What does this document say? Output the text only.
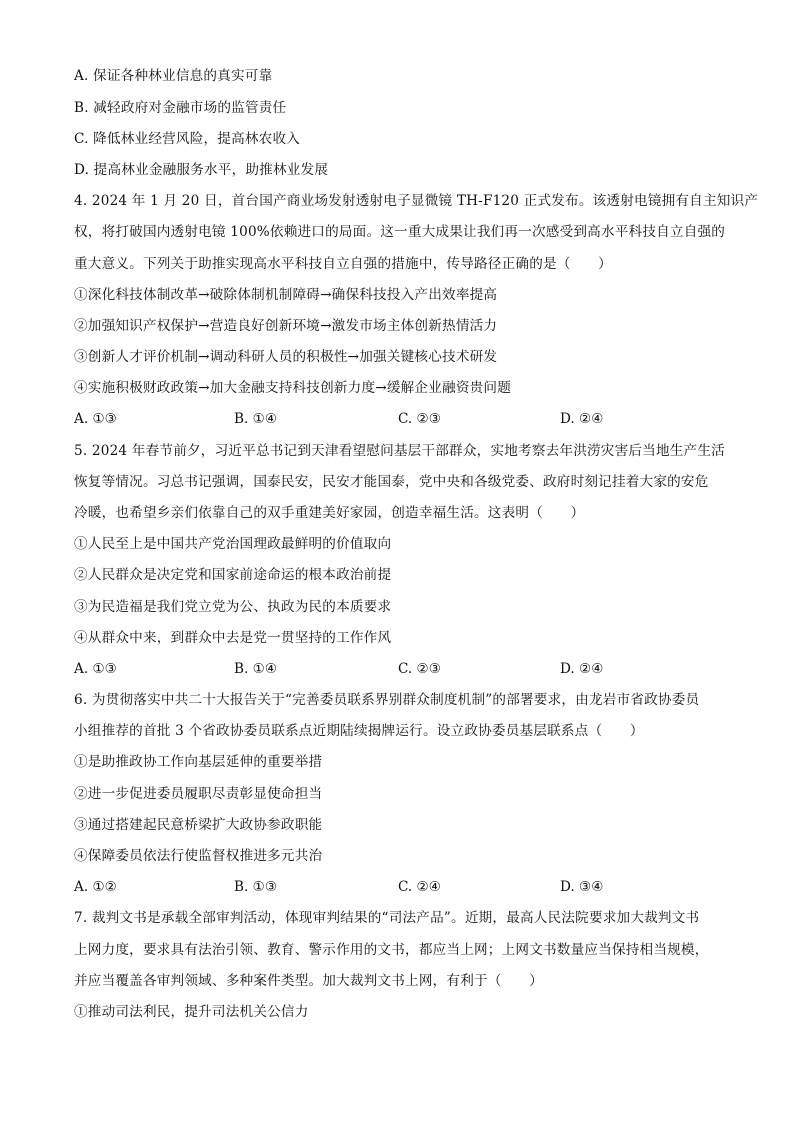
A. 保证各种林业信息的真实可靠
B. 减轻政府对金融市场的监管责任
C. 降低林业经营风险，提高林农收入
D. 提高林业金融服务水平，助推林业发展
4. 2024 年 1 月 20 日，首台国产商业场发射透射电子显微镜 TH-F120 正式发布。该透射电镜拥有自主知识产
权，将打破国内透射电镜 100%依赖进口的局面。这一重大成果让我们再一次感受到高水平科技自立自强的
重大意义。下列关于助推实现高水平科技自立自强的措施中，传导路径正确的是（　　）
①深化科技体制改革→破除体制机制障碍→确保科技投入产出效率提高
②加强知识产权保护→营造良好创新环境→激发市场主体创新热情活力
③创新人才评价机制→调动科研人员的积极性→加强关键核心技术研发
④实施积极财政政策→加大金融支持科技创新力度→缓解企业融资贵问题
A. ①③	B. ①④	C. ②③	D. ②④
5. 2024 年春节前夕，习近平总书记到天津看望慰问基层干部群众，实地考察去年洪涝灾害后当地生产生活
恢复等情况。习总书记强调，国泰民安，民安才能国泰，党中央和各级党委、政府时刻记挂着大家的安危
冷暖，也希望乡亲们依靠自己的双手重建美好家园，创造幸福生活。这表明（　　）
①人民至上是中国共产党治国理政最鲜明的价值取向
②人民群众是决定党和国家前途命运的根本政治前提
③为民造福是我们党立党为公、执政为民的本质要求
④从群众中来，到群众中去是党一贯坚持的工作作风
A. ①③	B. ①④	C. ②③	D. ②④
6. 为贯彻落实中共二十大报告关于“完善委员联系界别群众制度机制”的部署要求，由龙岩市省政协委员
小组推荐的首批 3 个省政协委员联系点近期陆续揭牌运行。设立政协委员基层联系点（　　）
①是助推政协工作向基层延伸的重要举措
②进一步促进委员履职尽责彰显使命担当
③通过搭建起民意桥梁扩大政协参政职能
④保障委员依法行使监督权推进多元共治
A. ①②	B. ①③	C. ②④	D. ③④
7. 裁判文书是承载全部审判活动，体现审判结果的“司法产品”。近期，最高人民法院要求加大裁判文书
上网力度，要求具有法治引领、教育、警示作用的文书，都应当上网；上网文书数量应当保持相当规模，
并应当覆盖各审判领域、多种案件类型。加大裁判文书上网，有利于（　　）
①推动司法利民，提升司法机关公信力
